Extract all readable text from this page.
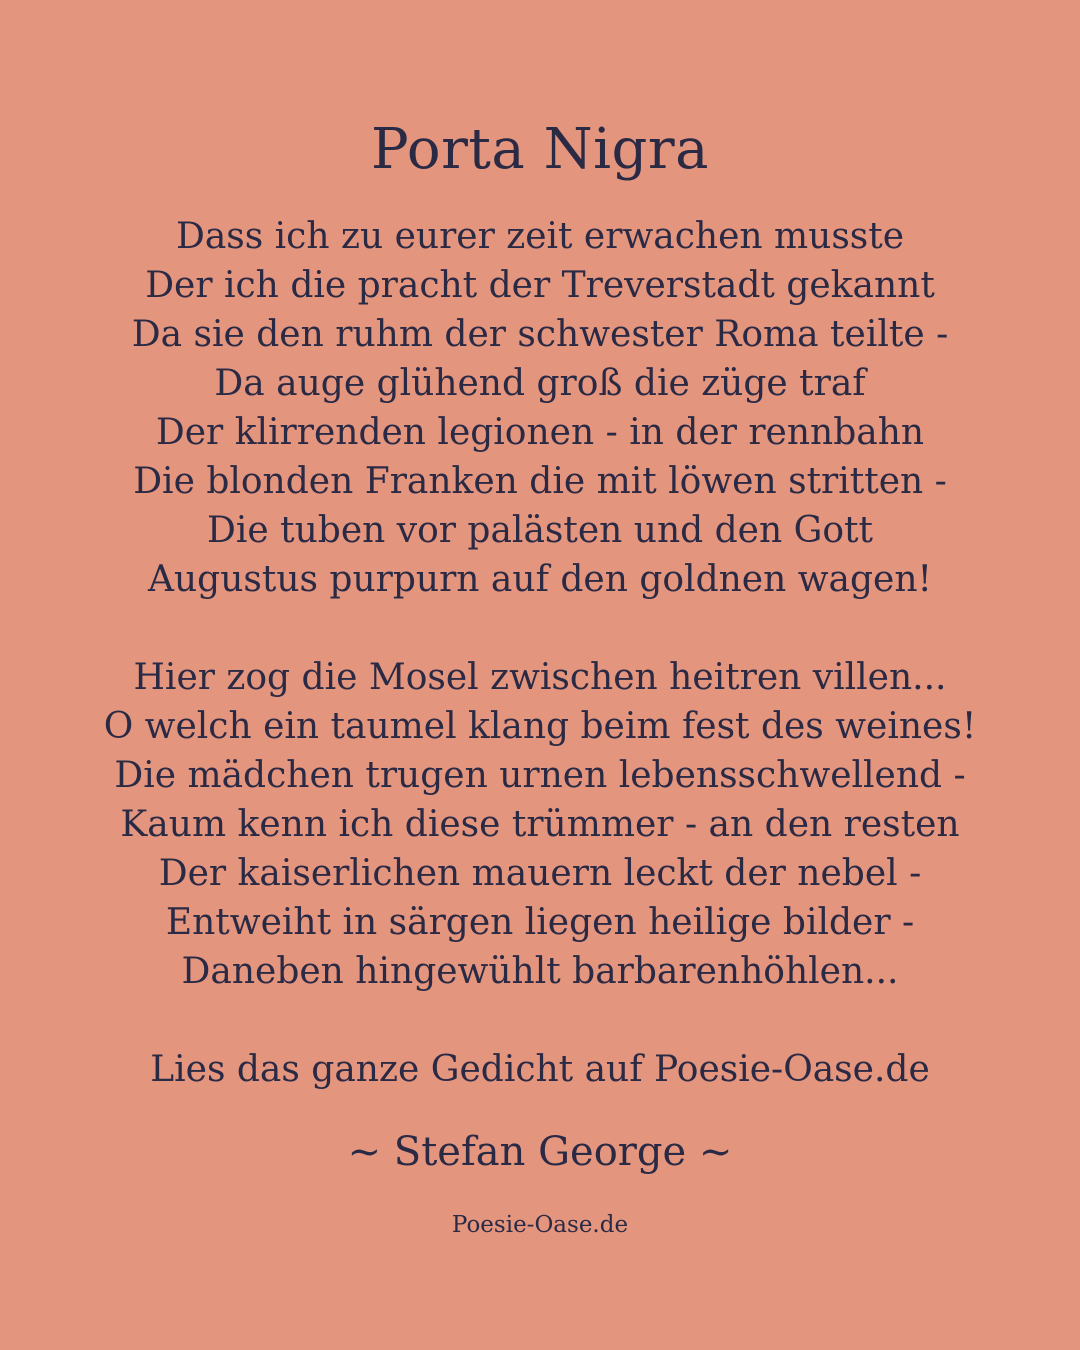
Porta Nigra
Dass ich zu eurer zeit erwachen musste
Der ich die pracht der Treverstadt gekannt
Da sie den ruhm der schwester Roma teilte -
Da auge glühend groß die züge traf
Der klirrenden legionen - in der rennbahn
Die blonden Franken die mit löwen stritten -
Die tuben vor palästen und den Gott
Augustus purpurn auf den goldnen wagen!
Hier zog die Mosel zwischen heitren villen...
O welch ein taumel klang beim fest des weines!
Die mädchen trugen urnen lebensschwellend -
Kaum kenn ich diese trümmer - an den resten
Der kaiserlichen mauern leckt der nebel -
Entweiht in särgen liegen heilige bilder -
Daneben hingewühlt barbarenhöhlen...
Lies das ganze Gedicht auf Poesie-Oase.de
~ Stefan George ~
Poesie-Oase.de
